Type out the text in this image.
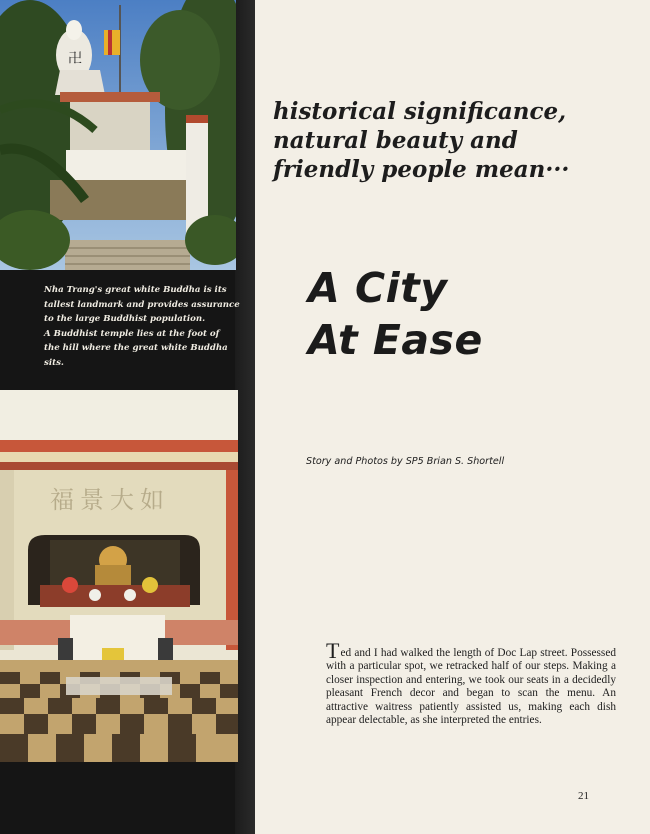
卍

Nha Trang's great white Buddha is its

tallest landmark and provides assurance

to the large Buddhist population.

A Buddhist temple lies at the foot of

the hill where the great white Buddha sits.

福景大如
historical significance,
natural beauty and
friendly people mean···
A City
At Ease
Story and Photos by SP5 Brian S. Shortell
Ted and I had walked the length of Doc Lap street. Possessed with a particular spot, we retracked half of our steps. Making a closer inspection and entering, we took our seats in a decidedly pleasant French decor and began to scan the menu. An attractive waitress patiently assisted us, making each dish appear delectable, as she interpreted the entries.
21
